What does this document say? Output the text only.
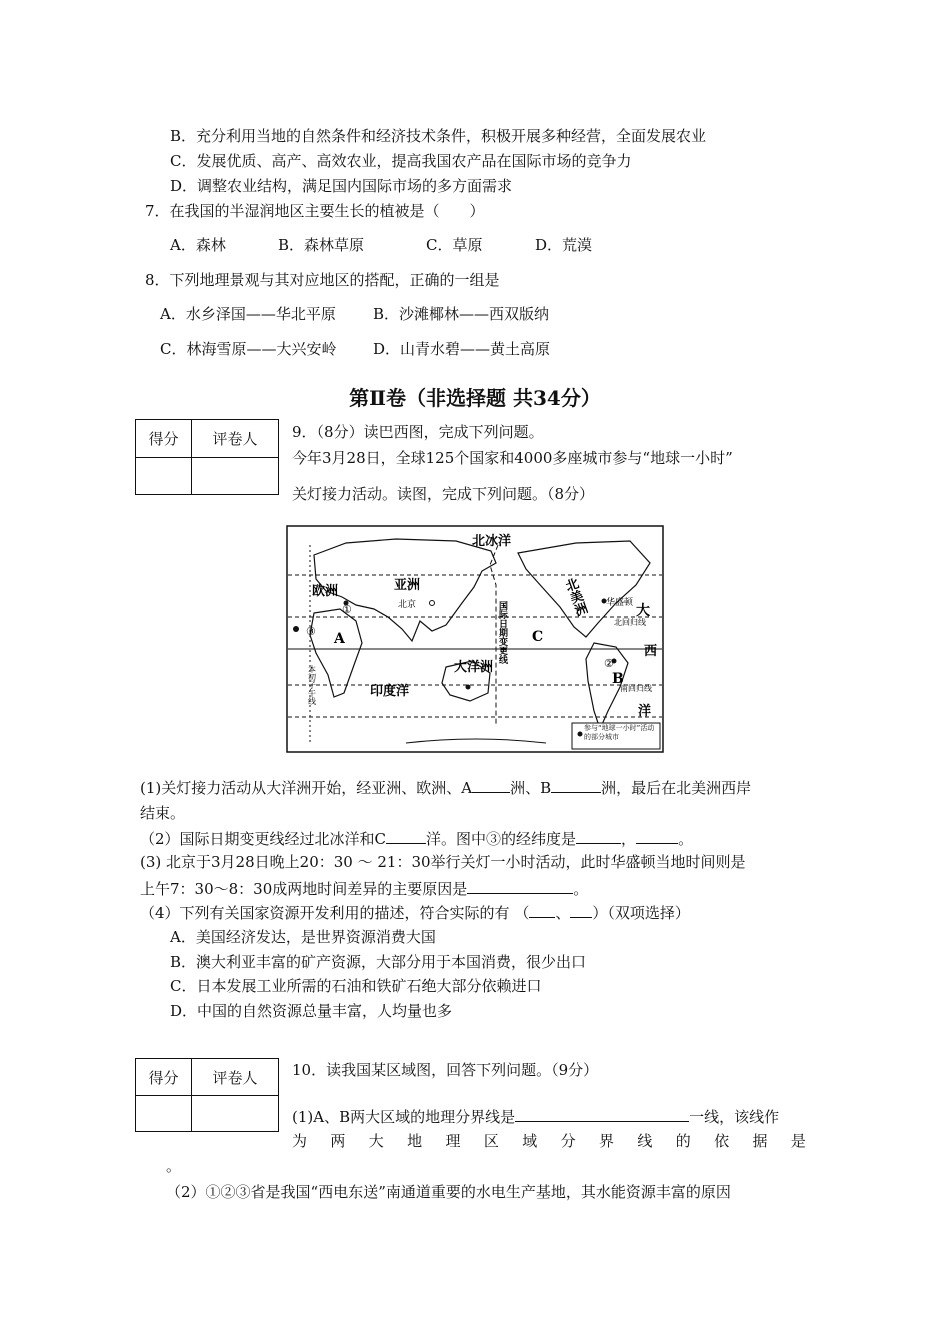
B．充分利用当地的自然条件和经济技术条件，积极开展多种经营，全面发展农业
C．发展优质、高产、高效农业，提高我国农产品在国际市场的竞争力
D．调整农业结构，满足国内国际市场的多方面需求
7．在我国的半湿润地区主要生长的植被是（　　）
A．森林	B．森林草原	C．草原	D．荒漠
8．下列地理景观与其对应地区的搭配，正确的一组是
A．水乡泽国——华北平原 B．沙滩椰林——西双版纳
C．林海雪原——大兴安岭 D．山青水碧——黄土高原
第Ⅱ卷（非选择题 共34分）
得分	评卷人
	9．（8分）读巴西图，完成下列问题。
今年3月28日，全球125个国家和4000多座城市参与“地球一小时”
关灯接力活动。读图，完成下列问题。（8分）
北冰洋
亚洲
欧洲
北京
①
③ A	C
大
华盛顿
北回归线
西
②
B
南回归线
洋
大洋洲
印度洋
北美洲
国际日期变更线
本初子午线
参与“地球一小时”活动的部分城市
(1)关灯接力活动从大洋洲开始，经亚洲、欧洲、A	洲、B	洲，最后在北美洲西岸
结束。
（2）国际日期变更线经过北冰洋和C	洋。图中③的经纬度是	，	。
(3) 北京于3月28日晚上20：30 ～ 21：30举行关灯一小时活动，此时华盛顿当地时间则是
上午7：30～8：30成两地时间差异的主要原因是	。
（4）下列有关国家资源开发利用的描述，符合实际的有 （ 、 ）（双项选择）
A．美国经济发达，是世界资源消费大国
B．澳大利亚丰富的矿产资源，大部分用于本国消费，很少出口
C．日本发展工业所需的石油和铁矿石绝大部分依赖进口
D．中国的自然资源总量丰富，人均量也多
得分	评卷人
	10．读我国某区域图，回答下列问题。（9分）
(1)A、B两大区域的地理分界线是	一线，该线作
为 两 大 地 理 区 域 分 界 线 的 依 据 是
。
（2）①②③省是我国“西电东送”南通道重要的水电生产基地，其水能资源丰富的原因
